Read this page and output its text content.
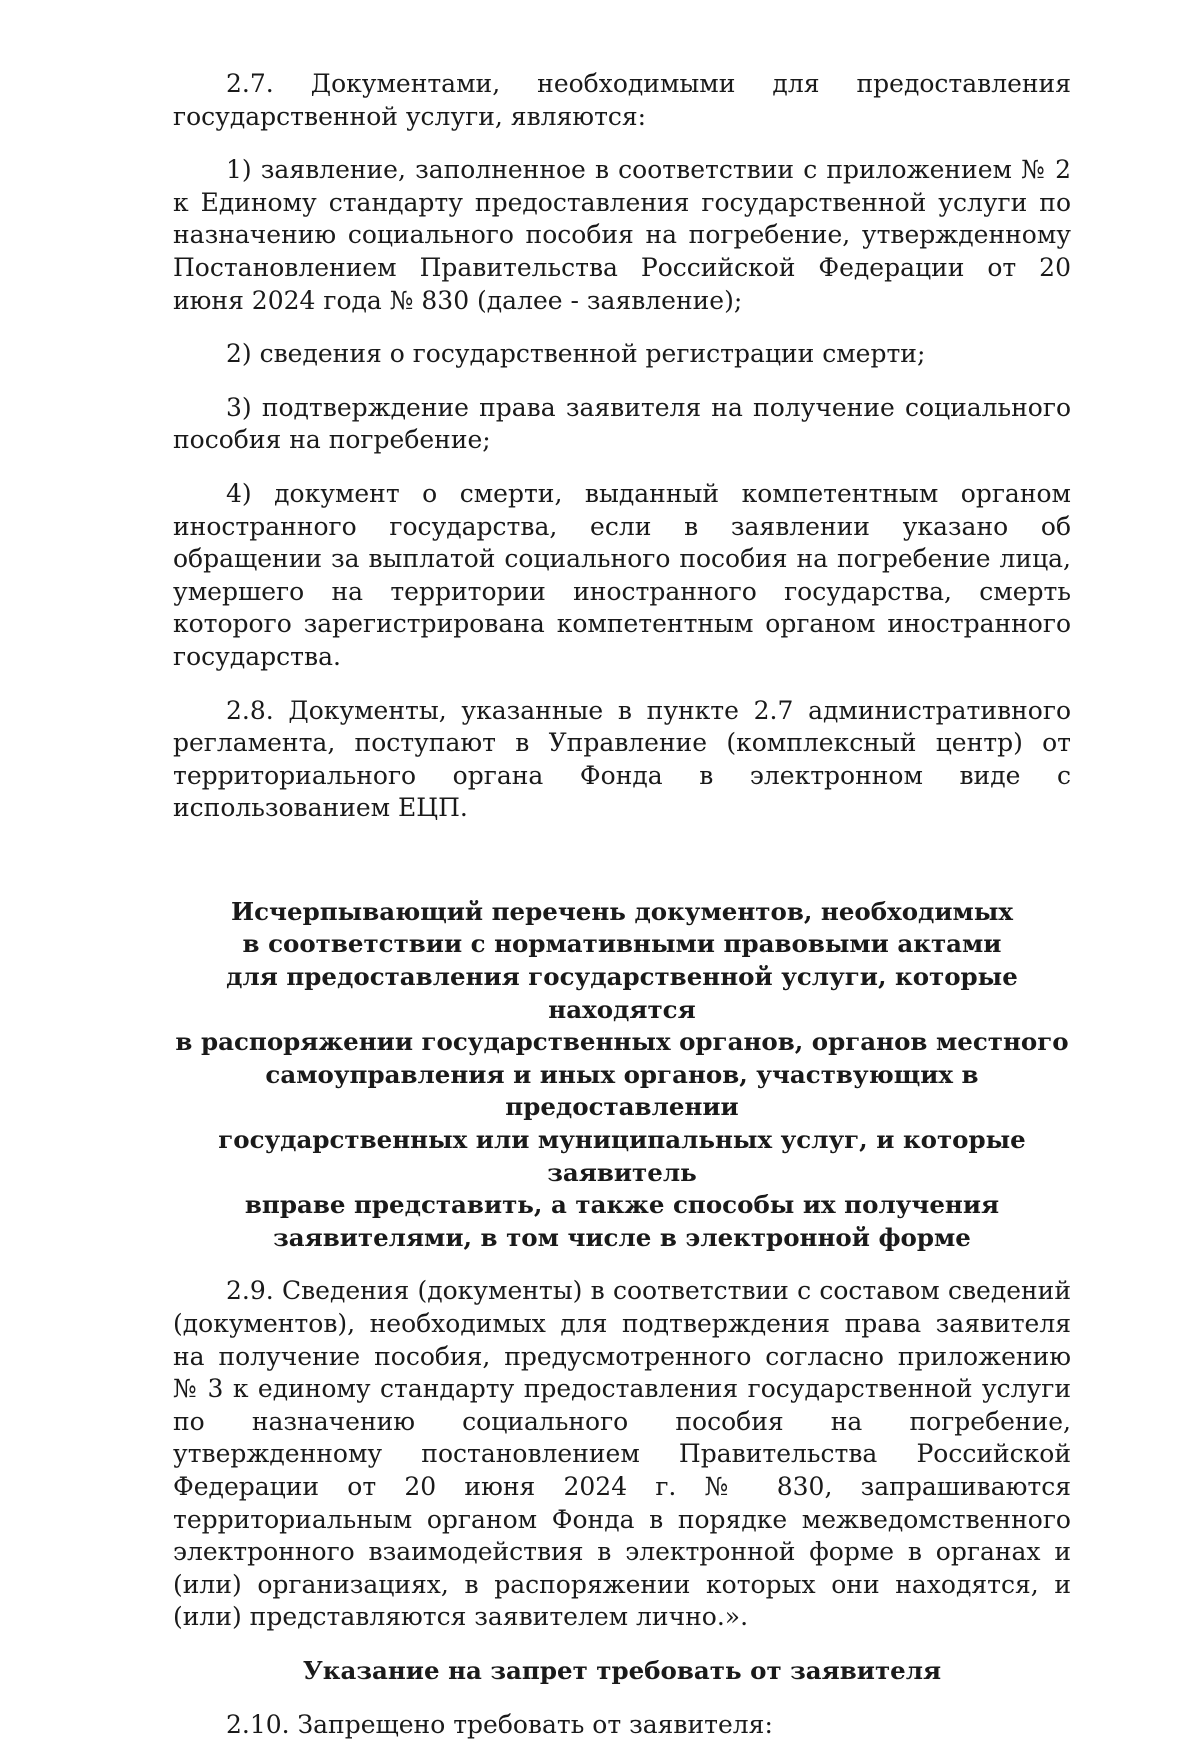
2.7. Документами, необходимыми для предоставления государственной услуги, являются:

1) заявление, заполненное в соответствии с приложением № 2 к Единому стандарту предоставления государственной услуги по назначению социального пособия на погребение, утвержденному Постановлением Правительства Российской Федерации от 20 июня 2024 года № 830 (далее - заявление);

2) сведения о государственной регистрации смерти;

3) подтверждение права заявителя на получение социального пособия на погребение;

4) документ о смерти, выданный компетентным органом иностранного государства, если в заявлении указано об обращении за выплатой социального пособия на погребение лица, умершего на территории иностранного государства, смерть которого зарегистрирована компетентным органом иностранного государства.

2.8. Документы, указанные в пункте 2.7 административного регламента, поступают в Управление (комплексный центр) от территориального органа Фонда в электронном виде с использованием ЕЦП.

Исчерпывающий перечень документов, необходимых
в соответствии с нормативными правовыми актами
для предоставления государственной услуги, которые находятся
в распоряжении государственных органов, органов местного
самоуправления и иных органов, участвующих в предоставлении
государственных или муниципальных услуг, и которые заявитель
вправе представить, а также способы их получения
заявителями, в том числе в электронной форме

2.9. Сведения (документы) в соответствии с составом сведений (документов), необходимых для подтверждения права заявителя на получение пособия, предусмотренного согласно приложению № 3 к единому стандарту предоставления государственной услуги по назначению социального пособия на погребение, утвержденному постановлением Правительства Российской Федерации от 20 июня 2024 г. № 830, запрашиваются территориальным органом Фонда в порядке межведомственного электронного взаимодействия в электронной форме в органах и (или) организациях, в распоряжении которых они находятся, и (или) представляются заявителем лично.».

Указание на запрет требовать от заявителя

2.10. Запрещено требовать от заявителя:
